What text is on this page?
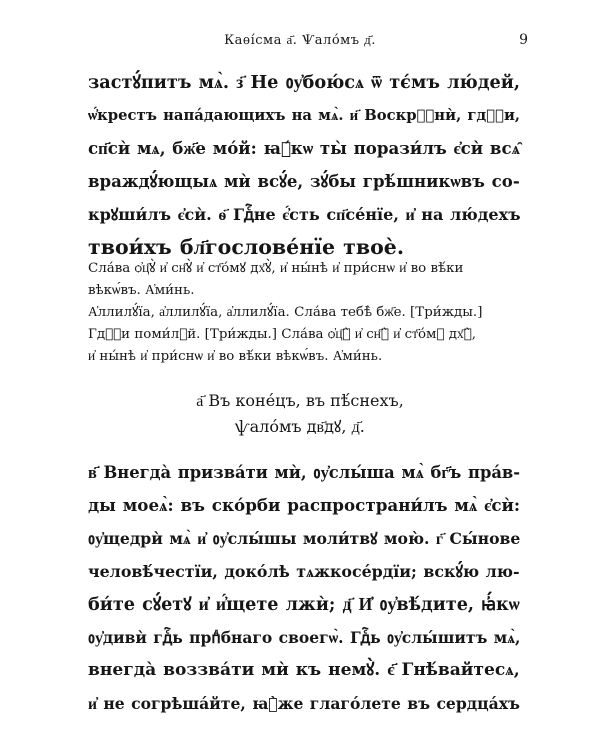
Каѳі́сма а҃. Ѱало́мъ д҃.	9
застꙋ́питъ мѧ̀. з҃ Не ᲂу҆бою́сѧ ѿ тє́мъ лю́дей,
ѡ҆́крестъ напа́дающихъ на мѧ̀. и҃ Воскрⷭ҇нѝ, гдⷭ҇и,
сп҃сѝ мѧ, бж҃е мо́й: ꙗ҆́кѡ ты̀ порази́лъ є҆сѝ всѧ̑
враждꙋ́ющыѧ мѝ всꙋ́е, зꙋ́бы грѣ́шникѡвъ со-
крꙋши́лъ є҆сѝ. ѳ҃ Гдⷭ҇не є҆́сть сп҃се́нїе, и҆ на лю́дехъ
твои́хъ бл҃гослове́нїе твоѐ.
Сла́ва ѻ҆ц҃ꙋ̀ и҆ сн҃ꙋ̀ и҆ ст҃о́мꙋ дх҃ꙋ̀, и҆ ны́нѣ и҆ при́снѡ и҆ во вѣ́ки
вѣкѡ́въ. А҆ми́нь.
А҆ллилꙋ́їа, а҆ллилꙋ́їа, а҆ллилꙋ́їа. Сла́ва тебѣ̀ бж҃е. [Три́жды.]
Гдⷭ҇и поми́лꙋй. [Три́жды.] Сла́ва ѻ҆ц҃ꙋ̀ и҆ сн҃ꙋ̀ и҆ ст҃о́мꙋ дх҃ꙋ̀,
и҆ ны́нѣ и҆ при́снѡ и҆ во вѣ́ки вѣкѡ́въ. А҆ми́нь.
а҃ Въ коне́цъ, въ пѣ́снехъ,
ѱало́мъ дв҃дꙋ, д҃.
в҃ Внегда̀ призва́ти мѝ, ᲂу҆слы́ша мѧ̀ бг҃ъ пра́в-
ды моеѧ̀: въ ско́рби распространи́лъ мѧ̀ є҆сѝ:
ᲂу҆щедрѝ мѧ̀ и҆ ᲂу҆слы́шы моли́твꙋ мою̀. г҃ Сы́нове
человѣ́честїи, доко́лѣ тѧжкосе́рдїи; вскꙋ́ю лю-
би́те сꙋ́етꙋ и҆ и҆́щете лжѝ; д҃ И҆ ᲂу҆вѣ́дите, ꙗ҆́кѡ
ᲂу҆дивѝ гдⷭ҇ь прпⷣбнаго своегѡ̀. Гдⷭ҇ь ᲂу҆слы́шитъ мѧ̀,
внегда̀ воззва́ти мѝ къ немꙋ̀. є҃ Гнѣ́вайтесѧ,
и҆ не согрѣша́йте, ꙗ҆̀же глаго́лете въ сердца́хъ
